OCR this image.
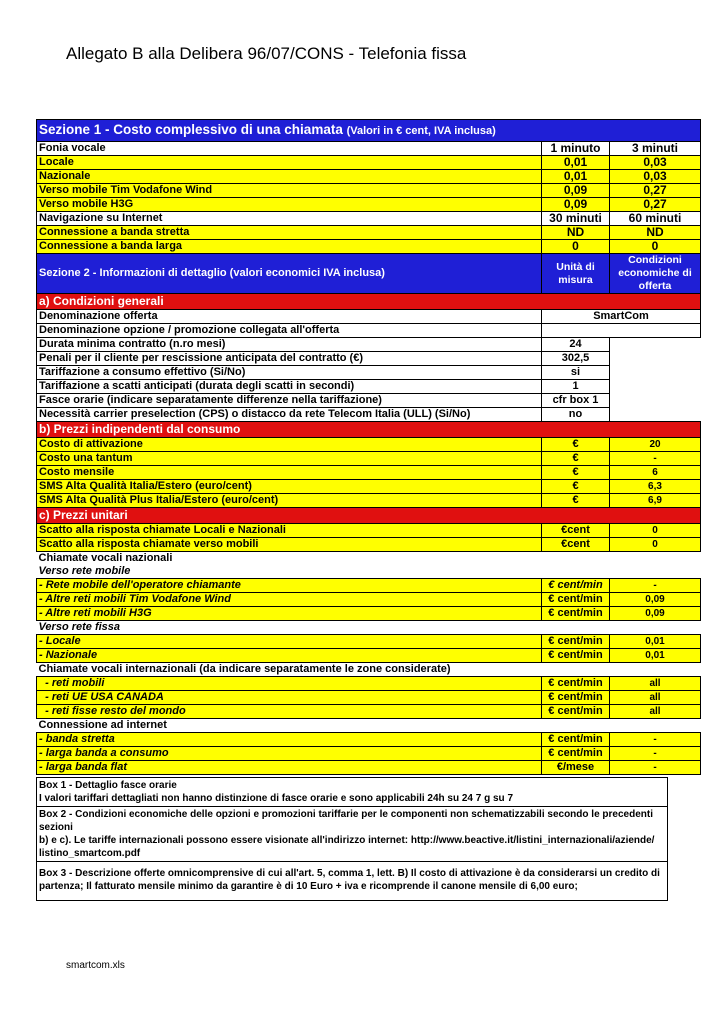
Allegato B alla Delibera 96/07/CONS - Telefonia fissa
Sezione 1 - Costo complessivo di una chiamata (Valori in € cent, IVA inclusa)		
Fonia vocale	1 minuto	3 minuti
Locale	0,01	0,03
Nazionale	0,01	0,03
Verso mobile Tim Vodafone Wind	0,09	0,27
Verso mobile H3G	0,09	0,27
Navigazione su Internet	30 minuti	60 minuti
Connessione a banda stretta	ND	ND
Connessione a banda larga	0	0
Sezione 2 - Informazioni di dettaglio (valori economici IVA inclusa)	Unità di misura	Condizioni economiche di offerta
a) Condizioni generali		
Denominazione offerta	SmartCom	
Denominazione opzione / promozione collegata all'offerta		
Durata minima contratto (n.ro mesi)	24	
Penali per il cliente per rescissione anticipata del contratto (€)	302,5	
Tariffazione a consumo effettivo (Si/No)	si	
Tariffazione a scatti anticipati (durata degli scatti in secondi)	1	
Fasce orarie (indicare separatamente differenze nella tariffazione)	cfr box 1	
Necessità carrier preselection (CPS) o distacco da rete Telecom Italia (ULL) (Si/No)	no	
b) Prezzi indipendenti dal consumo		
Costo di attivazione	€	20
Costo una tantum	€	-
Costo mensile	€	6
SMS Alta Qualità Italia/Estero (euro/cent)	€	6,3
SMS Alta Qualità Plus Italia/Estero (euro/cent)	€	6,9
c) Prezzi unitari		
Scatto alla risposta chiamate Locali e Nazionali	€cent	0
Scatto alla risposta chiamate verso mobili	€cent	0
Chiamate vocali nazionali		
Verso rete mobile		
- Rete mobile dell'operatore chiamante	€ cent/min	-
- Altre reti mobili Tim Vodafone Wind	€ cent/min	0,09
- Altre reti mobili H3G	€ cent/min	0,09
Verso rete fissa		
- Locale	€ cent/min	0,01
- Nazionale	€ cent/min	0,01
Chiamate vocali internazionali (da indicare separatamente le zone considerate)		
- reti mobili	€ cent/min	all
- reti UE USA CANADA	€ cent/min	all
- reti fisse resto del mondo	€ cent/min	all
Connessione ad internet		
- banda stretta	€ cent/min	-
- larga banda a consumo	€ cent/min	-
- larga banda flat	€/mese	-
Box 1 - Dettaglio fasce orarie
I valori tariffari dettagliati non hanno distinzione di fasce orarie e sono applicabili 24h su 24 7 g su 7
Box 2 - Condizioni economiche delle opzioni e promozioni tariffarie per le componenti non schematizzabili secondo le precedenti sezioni
b) e c). Le tariffe internazionali possono essere visionate all'indirizzo internet: http://www.beactive.it/listini_internazionali/aziende/
listino_smartcom.pdf
Box 3 - Descrizione offerte omnicomprensive di cui all'art. 5, comma 1, lett. B) Il costo di attivazione è da considerarsi un credito di
partenza; Il fatturato mensile minimo da garantire è di 10 Euro + iva e ricomprende il canone mensile di 6,00 euro;
smartcom.xls
